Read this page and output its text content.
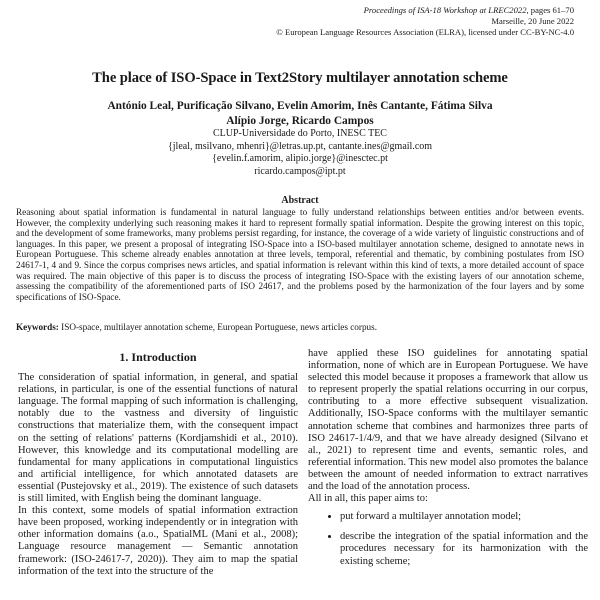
Proceedings of ISA-18 Workshop at LREC2022, pages 61–70
Marseille, 20 June 2022
© European Language Resources Association (ELRA), licensed under CC-BY-NC-4.0
The place of ISO-Space in Text2Story multilayer annotation scheme
António Leal, Purificação Silvano, Evelin Amorim, Inês Cantante, Fátima Silva
Alípio Jorge, Ricardo Campos
CLUP-Universidade do Porto, INESC TEC
{jleal, msilvano, mhenri}@letras.up.pt, cantante.ines@gmail.com
{evelin.f.amorim, alipio.jorge}@inesctec.pt
ricardo.campos@ipt.pt
Abstract
Reasoning about spatial information is fundamental in natural language to fully understand relationships between entities and/or between events. However, the complexity underlying such reasoning makes it hard to represent formally spatial information. Despite the growing interest on this topic, and the development of some frameworks, many problems persist regarding, for instance, the coverage of a wide variety of linguistic constructions and of languages. In this paper, we present a proposal of integrating ISO-Space into a ISO-based multilayer annotation scheme, designed to annotate news in European Portuguese. This scheme already enables annotation at three levels, temporal, referential and thematic, by combining postulates from ISO 24617-1, 4 and 9. Since the corpus comprises news articles, and spatial information is relevant within this kind of texts, a more detailed account of space was required. The main objective of this paper is to discuss the process of integrating ISO-Space with the existing layers of our annotation scheme, assessing the compatibility of the aforementioned parts of ISO 24617, and the problems posed by the harmonization of the four layers and by some specifications of ISO-Space.
Keywords: ISO-space, multilayer annotation scheme, European Portuguese, news articles corpus.
1. Introduction

The consideration of spatial information, in general, and spatial relations, in particular, is one of the essential functions of natural language. The formal mapping of such information is challenging, notably due to the vastness and diversity of linguistic constructions that materialize them, with the consequent impact on the setting of relations' patterns (Kordjamshidi et al., 2010). However, this knowledge and its computational modelling are fundamental for many applications in computational linguistics and artificial intelligence, for which annotated datasets are essential (Pustejovsky et al., 2019). The existence of such datasets is still limited, with English being the dominant language.

In this context, some models of spatial information extraction have been proposed, working independently or in integration with other information domains (a.o., SpatialML (Mani et al., 2008); Language resource management — Semantic annotation framework: (ISO-24617-7, 2020)). They aim to map the spatial information of the text into the structure of the

have applied these ISO guidelines for annotating spatial information, none of which are in European Portuguese. We have selected this model because it proposes a framework that allow us to represent properly the spatial relations occurring in our corpus, contributing to a more effective subsequent visualization. Additionally, ISO-Space conforms with the multilayer semantic annotation scheme that combines and harmonizes three parts of ISO 24617-1/4/9, and that we have already designed (Silvano et al., 2021) to represent time and events, semantic roles, and referential information. This new model also promotes the balance between the amount of needed information to extract narratives and the load of the annotation process.

All in all, this paper aims to:

• put forward a multilayer annotation model;
• describe the integration of the spatial information and the procedures necessary for its harmonization with the existing scheme;
